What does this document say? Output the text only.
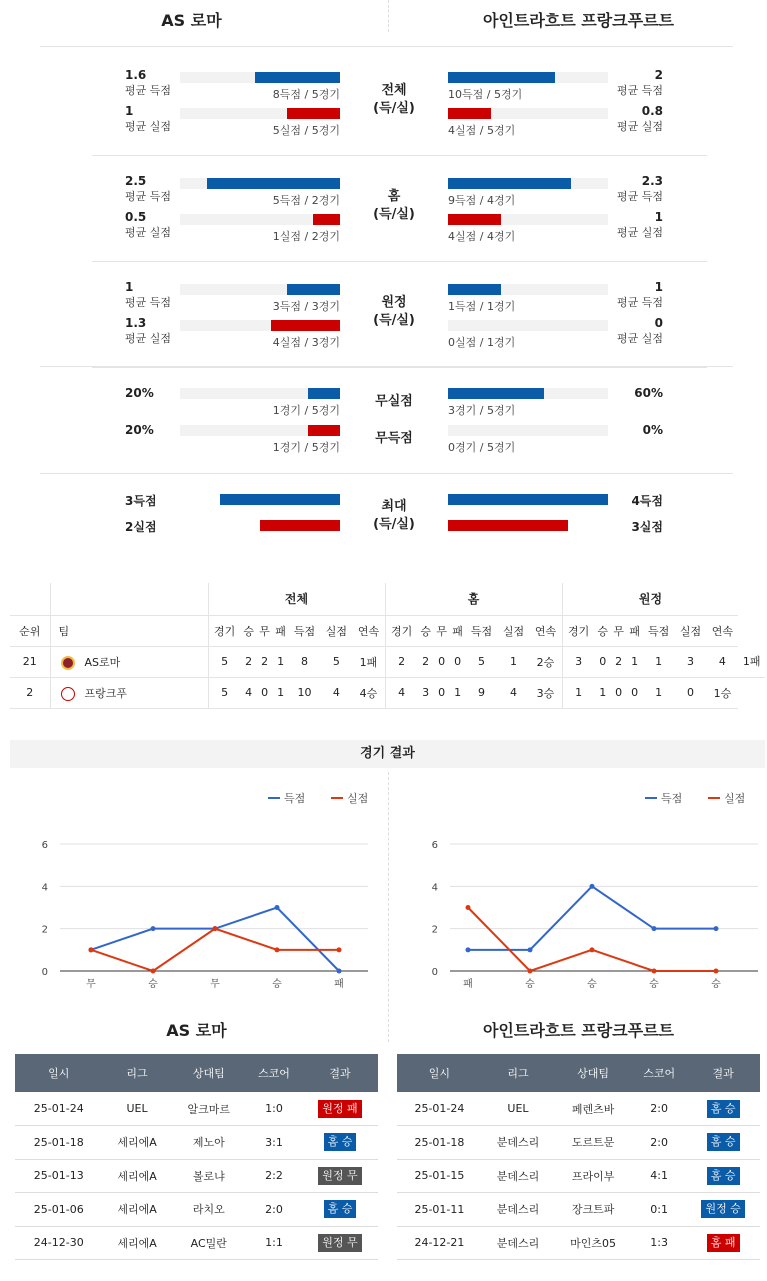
AS 로마	아인트라흐트 프랑크푸르트
1.6
평균 득점	8득점 / 5경기
2
평균 득점
10득점 / 5경기
1
평균 실점	5실점 / 5경기
0.8
평균 실점
4실점 / 5경기
전체
(득/실)
2.5
평균 득점	5득점 / 2경기
2.3
평균 득점
9득점 / 4경기
0.5
평균 실점	1실점 / 2경기
1
평균 실점
4실점 / 4경기
홈
(득/실)
1
평균 득점	3득점 / 3경기
1
평균 득점
1득점 / 1경기
1.3
평균 실점	4실점 / 3경기
0
평균 실점
0실점 / 1경기
원정
(득/실)
20%
1경기 / 5경기
무실점
60%
3경기 / 5경기
20%
1경기 / 5경기
무득점
0%
0경기 / 5경기
3득점	4득점
2실점	3실점
최대
(득/실)
		전체							홈							원정							
순위	팀	경기	승	무	패	득점	실점	연속	경기	승	무	패	득점	실점	연속	경기	승	무	패	득점	실점	연속	
21	AS로마	5	2	2	1	8	5	1패	2	2	0	0	5	1	2승	3	0	2	1	1	3	4	1패
2	프랑크푸	5	4	0	1	10	4	4승	4	3	0	1	9	4	3승	1	1	0	0	1	0	1승	
경기 결과
득점	실점
0
2
4
6
무	승	무	승	패
득점	실점
0
2
4
6
패	승	승	승	승
AS 로마	아인트라흐트 프랑크푸르트
일시	리그	상대팀	스코어	결과
25-01-24	UEL	알크마르	1:0	원정 패
25-01-18	세리에A	제노아	3:1	홈 승
25-01-13	세리에A	볼로냐	2:2	원정 무
25-01-06	세리에A	라치오	2:0	홈 승
24-12-30	세리에A	AC밀란	1:1	원정 무
일시	리그	상대팀	스코어	결과
25-01-24	UEL	페렌츠바	2:0	홈 승
25-01-18	분데스리	도르트문	2:0	홈 승
25-01-15	분데스리	프라이부	4:1	홈 승
25-01-11	분데스리	장크트파	0:1	원정 승
24-12-21	분데스리	마인츠05	1:3	홈 패
